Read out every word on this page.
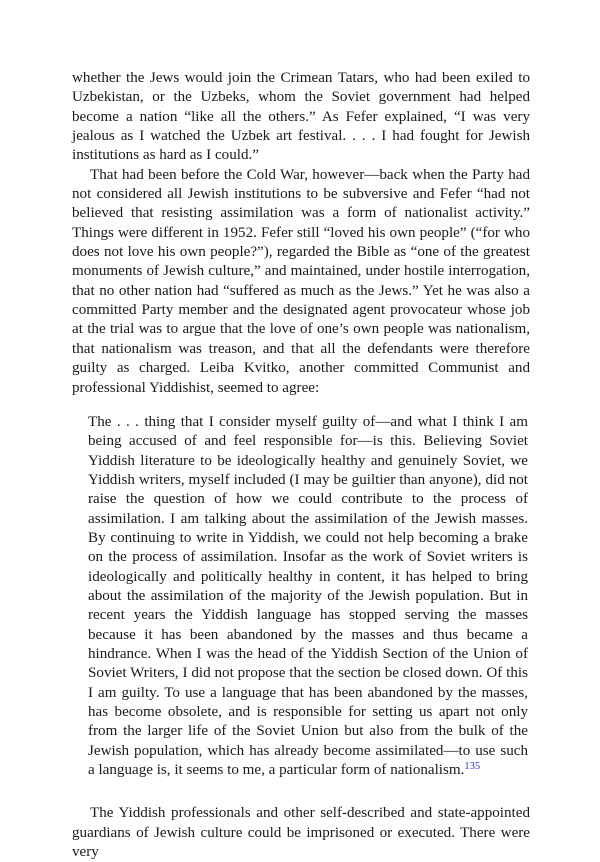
whether the Jews would join the Crimean Tatars, who had been exiled to Uzbekistan, or the Uzbeks, whom the Soviet government had helped become a nation “like all the others.” As Fefer explained, “I was very jealous as I watched the Uzbek art festival. . . . I had fought for Jewish institutions as hard as I could.”

That had been before the Cold War, however—back when the Party had not considered all Jewish institutions to be subversive and Fefer “had not believed that resisting assimilation was a form of nationalist activity.” Things were different in 1952. Fefer still “loved his own people” (“for who does not love his own people?”), regarded the Bible as “one of the greatest monuments of Jewish culture,” and maintained, under hostile interrogation, that no other nation had “suffered as much as the Jews.” Yet he was also a committed Party member and the designated agent provocateur whose job at the trial was to argue that the love of one’s own people was nationalism, that nationalism was treason, and that all the defendants were therefore guilty as charged. Leiba Kvitko, another committed Communist and professional Yiddishist, seemed to agree:

The . . . thing that I consider myself guilty of—and what I think I am being accused of and feel responsible for—is this. Believing Soviet Yiddish literature to be ideologically healthy and genuinely Soviet, we Yiddish writers, myself included (I may be guiltier than anyone), did not raise the question of how we could contribute to the process of assimilation. I am talking about the assimilation of the Jewish masses. By continuing to write in Yiddish, we could not help becoming a brake on the process of assimilation. Insofar as the work of Soviet writers is ideologically and politically healthy in content, it has helped to bring about the assimilation of the majority of the Jewish population. But in recent years the Yiddish language has stopped serving the masses because it has been abandoned by the masses and thus became a hindrance. When I was the head of the Yiddish Section of the Union of Soviet Writers, I did not propose that the section be closed down. Of this I am guilty. To use a language that has been abandoned by the masses, has become obsolete, and is responsible for setting us apart not only from the larger life of the Soviet Union but also from the bulk of the Jewish population, which has already become assimilated—to use such a language is, it seems to me, a particular form of nationalism.$^{135}$

The Yiddish professionals and other self-described and state-appointed guardians of Jewish culture could be imprisoned or executed. There were very
